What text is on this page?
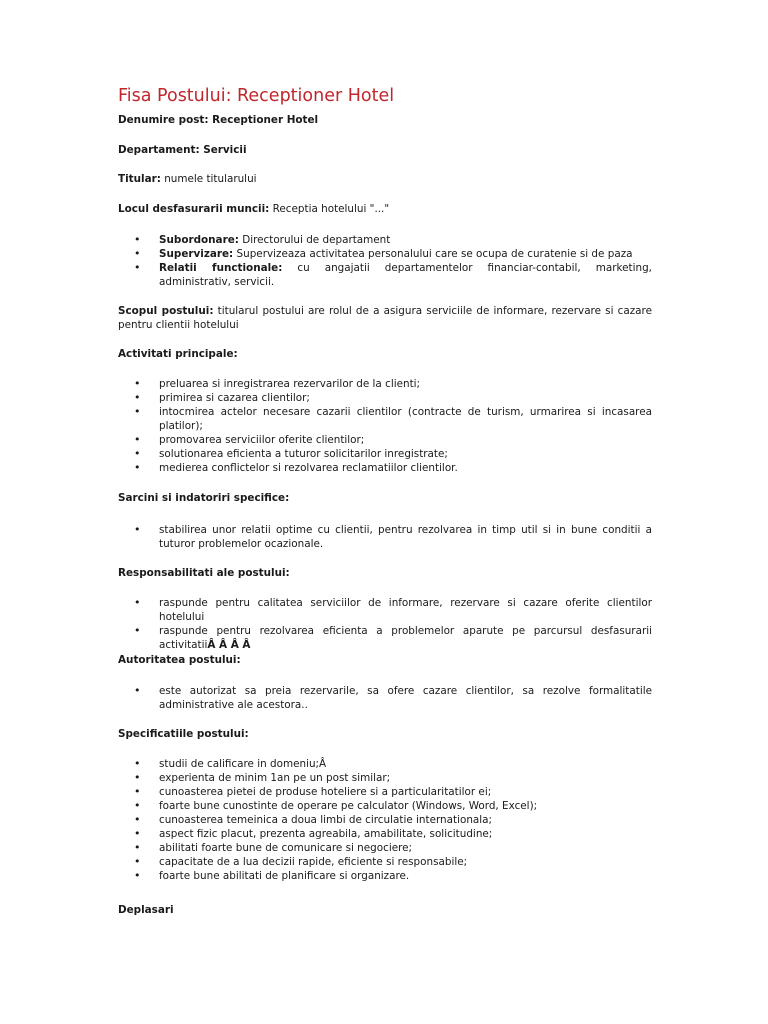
Fisa Postului: Receptioner Hotel
Denumire post: Receptioner Hotel
Departament: Servicii
Titular: numele titularului
Locul desfasurarii muncii: Receptia hotelului "..."
• Subordonare: Directorului de departament
• Supervizare: Supervizeaza activitatea personalului care se ocupa de curatenie si de paza
• Relatii functionale: cu angajatii departamentelor financiar-contabil, marketing, administrativ, servicii.
Scopul postului: titularul postului are rolul de a asigura serviciile de informare, rezervare si cazare pentru clientii hotelului
Activitati principale:
• preluarea si inregistrarea rezervarilor de la clienti;
• primirea si cazarea clientilor;
• intocmirea actelor necesare cazarii clientilor (contracte de turism, urmarirea si incasarea platilor);
• promovarea serviciilor oferite clientilor;
• solutionarea eficienta a tuturor solicitarilor inregistrate;
• medierea conflictelor si rezolvarea reclamatiilor clientilor.
Sarcini si indatoriri specifice:
• stabilirea unor relatii optime cu clientii, pentru rezolvarea in timp util si in bune conditii a tuturor problemelor ocazionale.
Responsabilitati ale postului:
• raspunde pentru calitatea serviciilor de informare, rezervare si cazare oferite clientilor hotelului
• raspunde pentru rezolvarea eficienta a problemelor aparute pe parcursul desfasurarii activitatiiÂ Â Â Â
Autoritatea postului:
• este autorizat sa preia rezervarile, sa ofere cazare clientilor, sa rezolve formalitatile administrative ale acestora..
Specificatiile postului:
• studii de calificare in domeniu;Â
• experienta de minim 1an pe un post similar;
• cunoasterea pietei de produse hoteliere si a particularitatilor ei;
• foarte bune cunostinte de operare pe calculator (Windows, Word, Excel);
• cunoasterea temeinica a doua limbi de circulatie internationala;
• aspect fizic placut, prezenta agreabila, amabilitate, solicitudine;
• abilitati foarte bune de comunicare si negociere;
• capacitate de a lua decizii rapide, eficiente si responsabile;
• foarte bune abilitati de planificare si organizare.
Deplasari
